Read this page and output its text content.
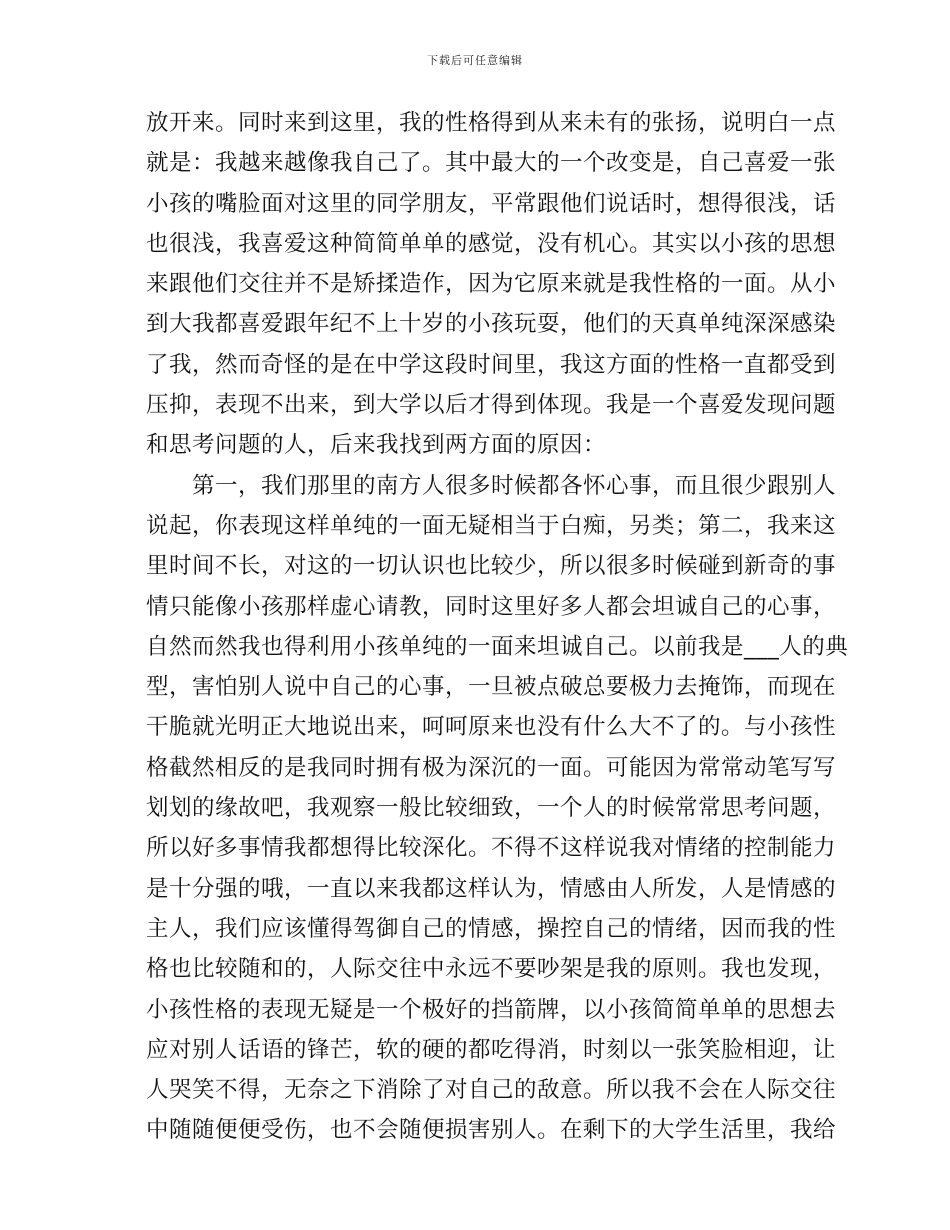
下载后可任意编辑
放开来。同时来到这里，我的性格得到从来未有的张扬，说明白一点
就是：我越来越像我自己了。其中最大的一个改变是，自己喜爱一张
小孩的嘴脸面对这里的同学朋友，平常跟他们说话时，想得很浅，话
也很浅，我喜爱这种简简单单的感觉，没有机心。其实以小孩的思想
来跟他们交往并不是矫揉造作，因为它原来就是我性格的一面。从小
到大我都喜爱跟年纪不上十岁的小孩玩耍，他们的天真单纯深深感染
了我，然而奇怪的是在中学这段时间里，我这方面的性格一直都受到
压抑，表现不出来，到大学以后才得到体现。我是一个喜爱发现问题
和思考问题的人，后来我找到两方面的原因：
　　第一，我们那里的南方人很多时候都各怀心事，而且很少跟别人
说起，你表现这样单纯的一面无疑相当于白痴，另类；第二，我来这
里时间不长，对这的一切认识也比较少，所以很多时候碰到新奇的事
情只能像小孩那样虚心请教，同时这里好多人都会坦诚自己的心事，
自然而然我也得利用小孩单纯的一面来坦诚自己。以前我是___人的典
型，害怕别人说中自己的心事，一旦被点破总要极力去掩饰，而现在
干脆就光明正大地说出来，呵呵原来也没有什么大不了的。与小孩性
格截然相反的是我同时拥有极为深沉的一面。可能因为常常动笔写写
划划的缘故吧，我观察一般比较细致，一个人的时候常常思考问题，
所以好多事情我都想得比较深化。不得不这样说我对情绪的控制能力
是十分强的哦，一直以来我都这样认为，情感由人所发，人是情感的
主人，我们应该懂得驾御自己的情感，操控自己的情绪，因而我的性
格也比较随和的，人际交往中永远不要吵架是我的原则。我也发现，
小孩性格的表现无疑是一个极好的挡箭牌，以小孩简简单单的思想去
应对别人话语的锋芒，软的硬的都吃得消，时刻以一张笑脸相迎，让
人哭笑不得，无奈之下消除了对自己的敌意。所以我不会在人际交往
中随随便便受伤，也不会随便损害别人。在剩下的大学生活里，我给
